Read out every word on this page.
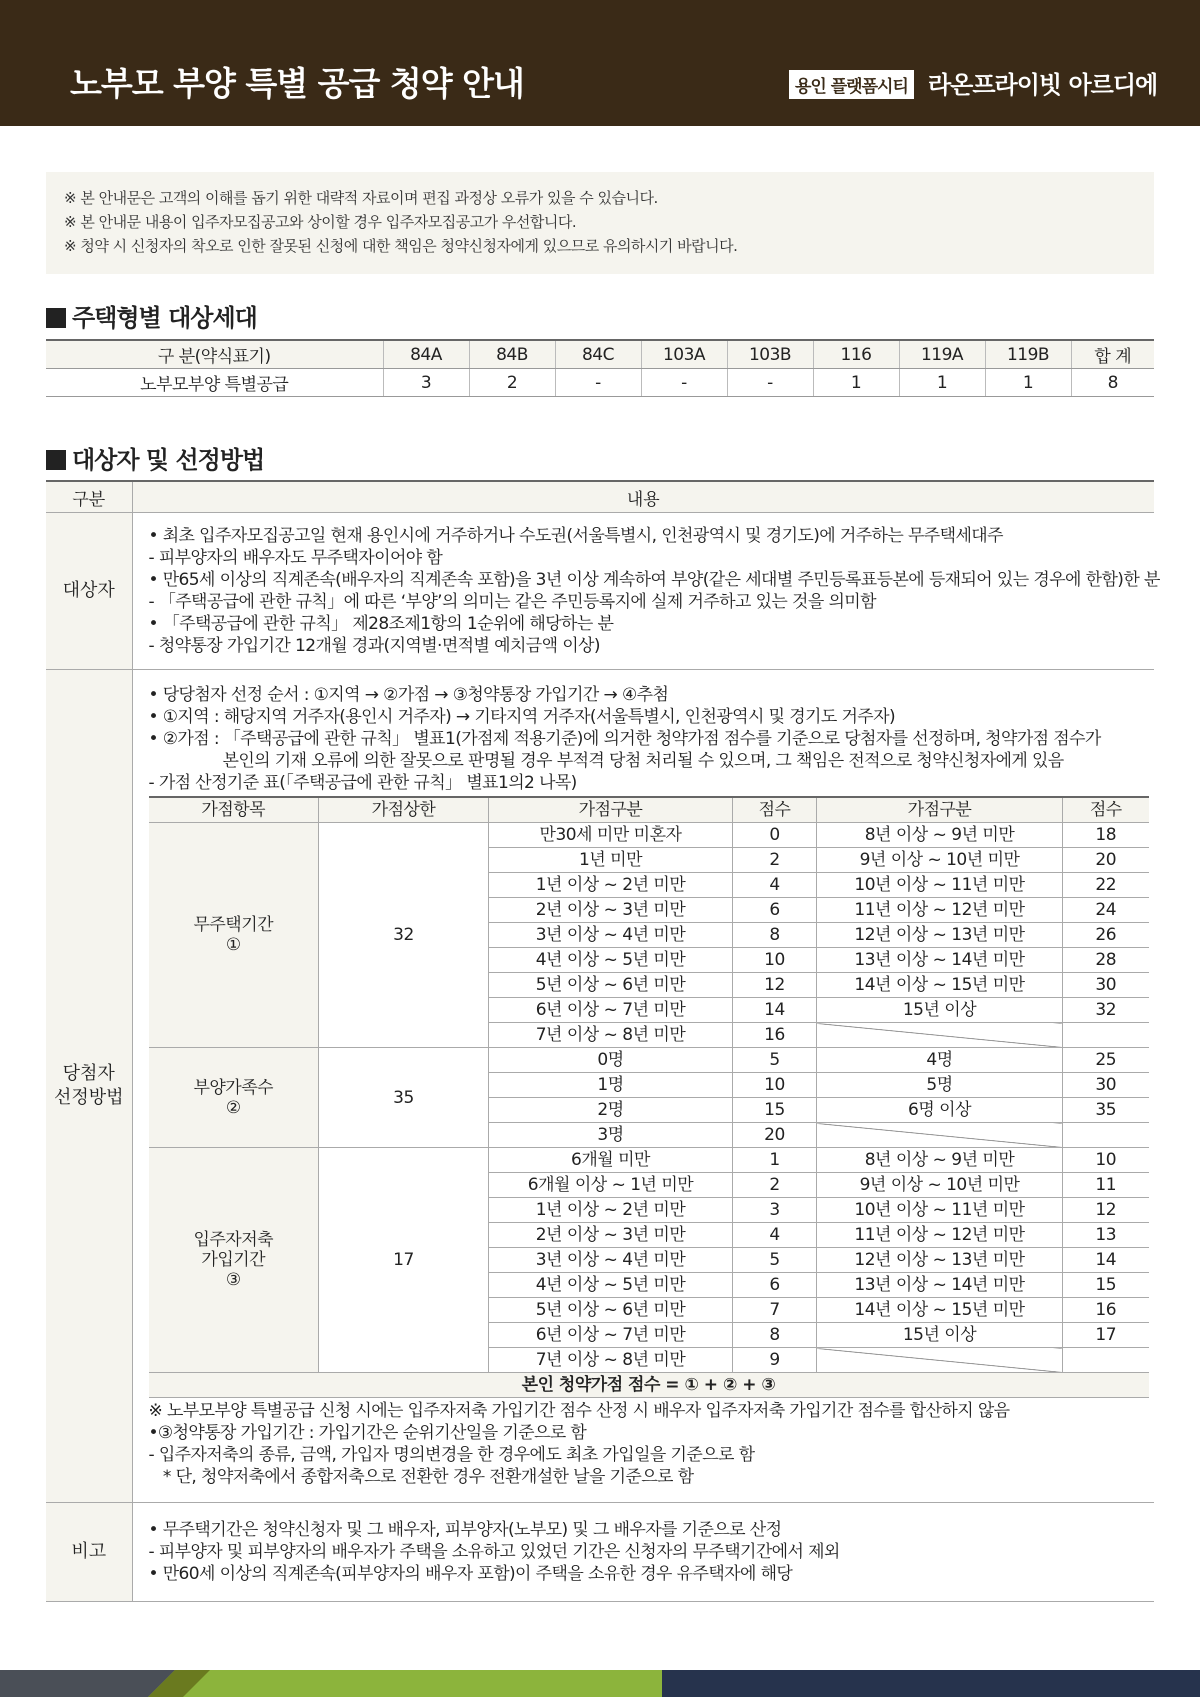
노부모 부양 특별 공급 청약 안내	용인 플랫폼시티 라온프라이빗 아르디에

※ 본 안내문은 고객의 이해를 돕기 위한 대략적 자료이며 편집 과정상 오류가 있을 수 있습니다.

※ 본 안내문 내용이 입주자모집공고와 상이할 경우 입주자모집공고가 우선합니다.

※ 청약 시 신청자의 착오로 인한 잘못된 신청에 대한 책임은 청약신청자에게 있으므로 유의하시기 바랍니다.

주택형별 대상세대
구 분(약식표기)	84A	84B	84C	103A	103B	116	119A	119B	합 계
노부모부양 특별공급	3	2	-	-	-	1	1	1	8
대상자 및 선정방법
구분	내용
대상자	

• 최초 입주자모집공고일 현재 용인시에 거주하거나 수도권(서울특별시, 인천광역시 및 경기도)에 거주하는 무주택세대주

- 피부양자의 배우자도 무주택자이어야 함

• 만65세 이상의 직계존속(배우자의 직계존속 포함)을 3년 이상 계속하여 부양(같은 세대별 주민등록표등본에 등재되어 있는 경우에 한함)한 분

- 「주택공급에 관한 규칙」에 따른 ‘부양’의 의미는 같은 주민등록지에 실제 거주하고 있는 것을 의미함

• 「주택공급에 관한 규칙」 제28조제1항의 1순위에 해당하는 분

- 청약통장 가입기간 12개월 경과(지역별·면적별 예치금액 이상)

당첨자
선정방법

• 당당첨자 선정 순서 : ①지역 → ②가점 → ③청약통장 가입기간 → ④추첨

• ①지역 : 해당지역 거주자(용인시 거주자) → 기타지역 거주자(서울특별시, 인천광역시 및 경기도 거주자)

• ②가점 : 「주택공급에 관한 규칙」 별표1(가점제 적용기준)에 의거한 청약가점 점수를 기준으로 당첨자를 선정하며, 청약가점 점수가

본인의 기재 오류에 의한 잘못으로 판명될 경우 부적격 당첨 처리될 수 있으며, 그 책임은 전적으로 청약신청자에게 있음

- 가점 산정기준 표(「주택공급에 관한 규칙」 별표1의2 나목)

가점항목	가점상한	가점구분	점수	가점구분	점수

무주택기간
①	32	만30세 미만 미혼자	0	8년 이상 ~ 9년 미만	18
1년 미만	2	9년 이상 ~ 10년 미만	20
1년 이상 ~ 2년 미만	4	10년 이상 ~ 11년 미만	22
2년 이상 ~ 3년 미만	6	11년 이상 ~ 12년 미만	24
3년 이상 ~ 4년 미만	8	12년 이상 ~ 13년 미만	26
4년 이상 ~ 5년 미만	10	13년 이상 ~ 14년 미만	28
5년 이상 ~ 6년 미만	12	14년 이상 ~ 15년 미만	30
6년 이상 ~ 7년 미만	14	15년 이상	32
7년 이상 ~ 8년 미만	16		

부양가족수
②	35	0명	5	4명	25
1명	10	5명	30
2명	15	6명 이상	35
3명	20		

입주자저축
가입기간
③
	17	6개월 미만	1	8년 이상 ~ 9년 미만	10
6개월 이상 ~ 1년 미만	2	9년 이상 ~ 10년 미만	11
1년 이상 ~ 2년 미만	3	10년 이상 ~ 11년 미만	12
2년 이상 ~ 3년 미만	4	11년 이상 ~ 12년 미만	13
3년 이상 ~ 4년 미만	5	12년 이상 ~ 13년 미만	14
4년 이상 ~ 5년 미만	6	13년 이상 ~ 14년 미만	15
5년 이상 ~ 6년 미만	7	14년 이상 ~ 15년 미만	16
6년 이상 ~ 7년 미만	8	15년 이상	17
7년 이상 ~ 8년 미만	9		
본인 청약가점 점수 = ① + ② + ③

※ 노부모부양 특별공급 신청 시에는 입주자저축 가입기간 점수 산정 시 배우자 입주자저축 가입기간 점수를 합산하지 않음

•③청약통장 가입기간 : 가입기간은 순위기산일을 기준으로 함

- 입주자저축의 종류, 금액, 가입자 명의변경을 한 경우에도 최초 가입일을 기준으로 함

* 단, 청약저축에서 종합저축으로 전환한 경우 전환개설한 날을 기준으로 함

비고	

• 무주택기간은 청약신청자 및 그 배우자, 피부양자(노부모) 및 그 배우자를 기준으로 산정

- 피부양자 및 피부양자의 배우자가 주택을 소유하고 있었던 기간은 신청자의 무주택기간에서 제외

• 만60세 이상의 직계존속(피부양자의 배우자 포함)이 주택을 소유한 경우 유주택자에 해당
